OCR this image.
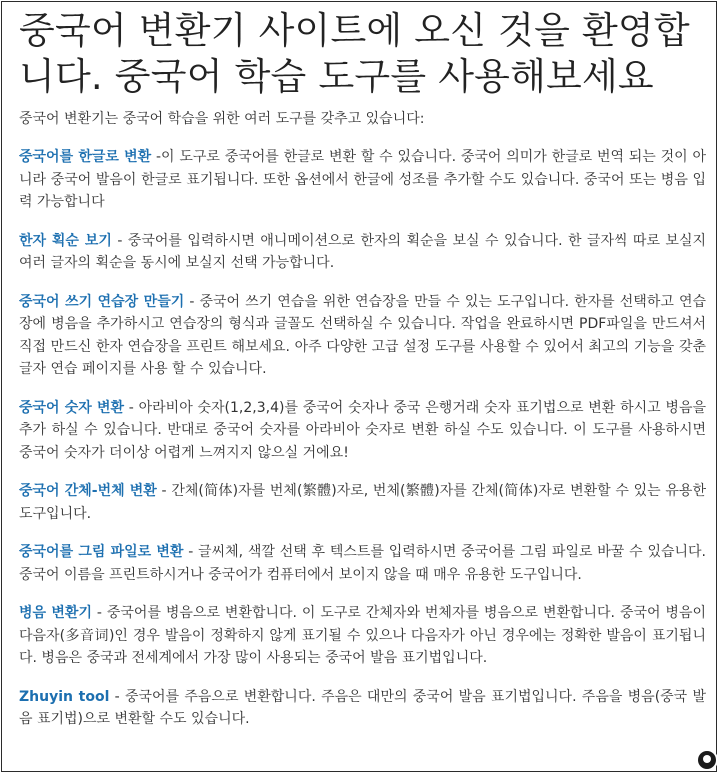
중국어 변환기 사이트에 오신 것을 환영합니다. 중국어 학습 도구를 사용해보세요

중국어 변환기는 중국어 학습을 위한 여러 도구를 갖추고 있습니다:

중국어를 한글로 변환 -이 도구로 중국어를 한글로 변환 할 수 있습니다. 중국어 의미가 한글로 번역 되는 것이 아니라 중국어 발음이 한글로 표기됩니다. 또한 옵션에서 한글에 성조를 추가할 수도 있습니다. 중국어 또는 병음 입력 가능합니다

한자 획순 보기 - 중국어를 입력하시면 애니메이션으로 한자의 획순을 보실 수 있습니다. 한 글자씩 따로 보실지 여러 글자의 획순을 동시에 보실지 선택 가능합니다.

중국어 쓰기 연습장 만들기 - 중국어 쓰기 연습을 위한 연습장을 만들 수 있는 도구입니다. 한자를 선택하고 연습장에 병음을 추가하시고 연습장의 형식과 글꼴도 선택하실 수 있습니다. 작업을 완료하시면 PDF파일을 만드셔서 직접 만드신 한자 연습장을 프린트 해보세요. 아주 다양한 고급 설정 도구를 사용할 수 있어서 최고의 기능을 갖춘 글자 연습 페이지를 사용 할 수 있습니다.

중국어 숫자 변환 - 아라비아 숫자(1,2,3,4)를 중국어 숫자나 중국 은행거래 숫자 표기법으로 변환 하시고 병음을 추가 하실 수 있습니다. 반대로 중국어 숫자를 아라비아 숫자로 변환 하실 수도 있습니다. 이 도구를 사용하시면 중국어 숫자가 더이상 어렵게 느껴지지 않으실 거에요!

중국어 간체-번체 변환 - 간체(简体)자를 번체(繁體)자로, 번체(繁體)자를 간체(简体)자로 변환할 수 있는 유용한 도구입니다.

중국어를 그림 파일로 변환 - 글씨체, 색깔 선택 후 텍스트를 입력하시면 중국어를 그림 파일로 바꿀 수 있습니다. 중국어 이름을 프린트하시거나 중국어가 컴퓨터에서 보이지 않을 때 매우 유용한 도구입니다.

병음 변환기 - 중국어를 병음으로 변환합니다. 이 도구로 간체자와 번체자를 병음으로 변환합니다. 중국어 병음이 다음자(多音词)인 경우 발음이 정확하지 않게 표기될 수 있으나 다음자가 아닌 경우에는 정확한 발음이 표기됩니다. 병음은 중국과 전세계에서 가장 많이 사용되는 중국어 발음 표기법입니다.

Zhuyin tool - 중국어를 주음으로 변환합니다. 주음은 대만의 중국어 발음 표기법입니다. 주음을 병음(중국 발음 표기법)으로 변환할 수도 있습니다.
